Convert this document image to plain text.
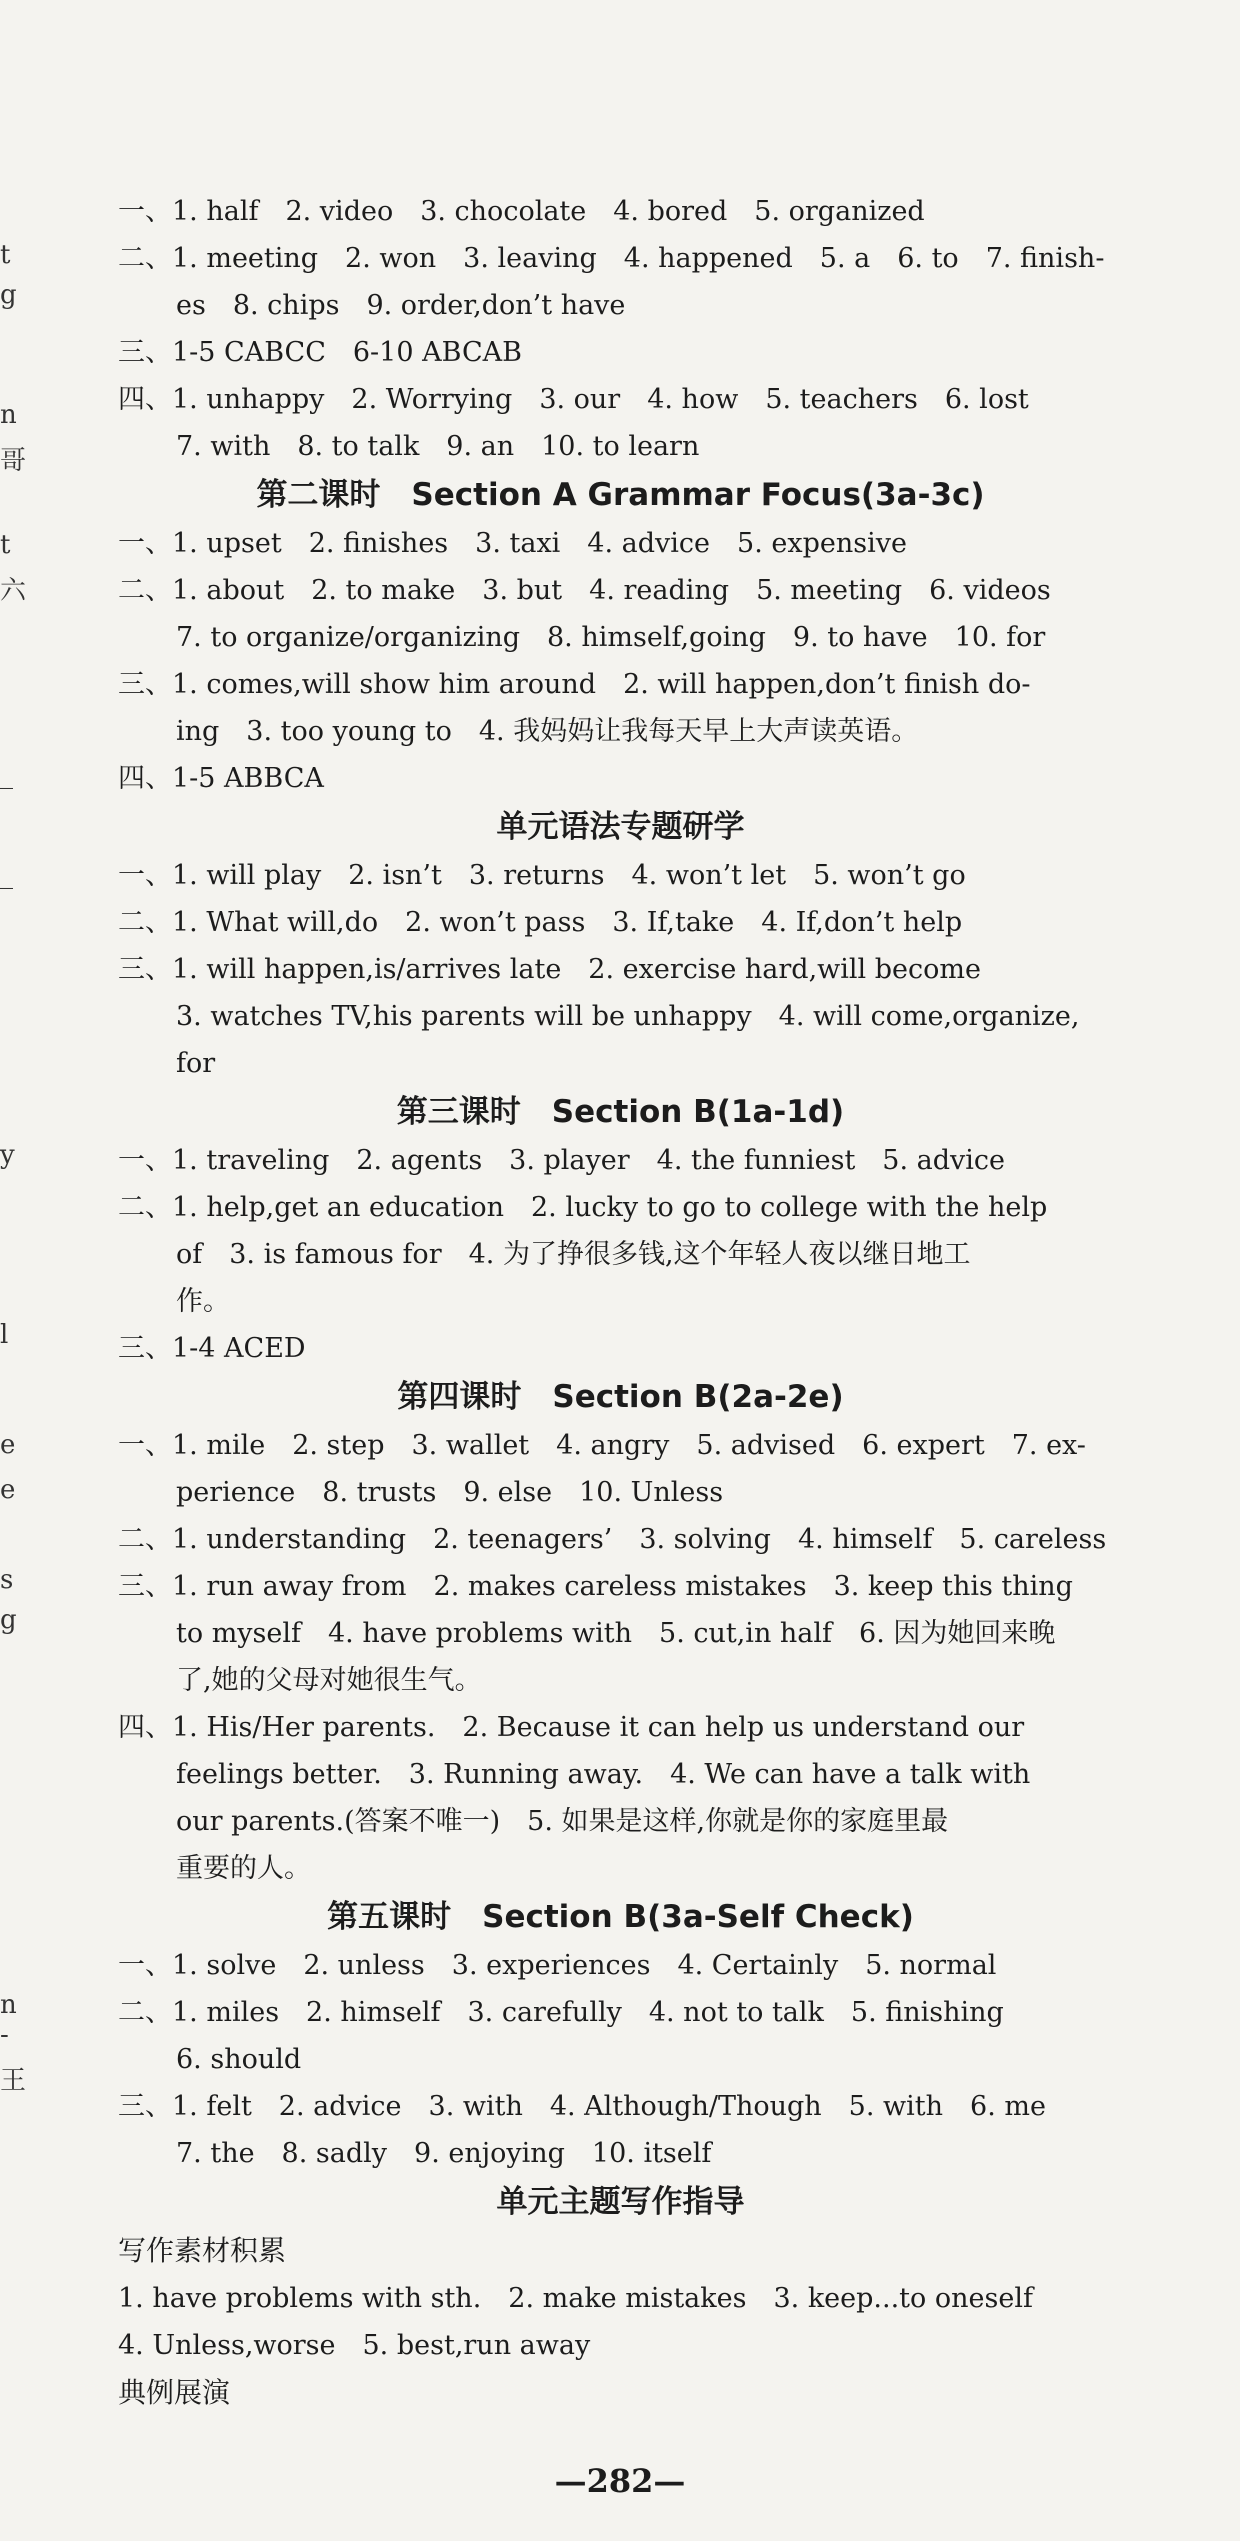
t
g
n
哥
t
六
_
_
y
l
e
e
s
g
n
-
王
一、1. half　2. video　3. chocolate　4. bored　5. organized
二、1. meeting　2. won　3. leaving　4. happened　5. a　6. to　7. finish-
es　8. chips　9. order,don’t have
三、1-5 CABCC　6-10 ABCAB
四、1. unhappy　2. Worrying　3. our　4. how　5. teachers　6. lost
7. with　8. to talk　9. an　10. to learn
第二课时　Section A Grammar Focus(3a-3c)
一、1. upset　2. finishes　3. taxi　4. advice　5. expensive
二、1. about　2. to make　3. but　4. reading　5. meeting　6. videos
7. to organize/organizing　8. himself,going　9. to have　10. for
三、1. comes,will show him around　2. will happen,don’t finish do-
ing　3. too young to　4. 我妈妈让我每天早上大声读英语。
四、1-5 ABBCA
单元语法专题研学
一、1. will play　2. isn’t　3. returns　4. won’t let　5. won’t go
二、1. What will,do　2. won’t pass　3. If,take　4. If,don’t help
三、1. will happen,is/arrives late　2. exercise hard,will become
3. watches TV,his parents will be unhappy　4. will come,organize,
for
第三课时　Section B(1a-1d)
一、1. traveling　2. agents　3. player　4. the funniest　5. advice
二、1. help,get an education　2. lucky to go to college with the help
of　3. is famous for　4. 为了挣很多钱,这个年轻人夜以继日地工
作。
三、1-4 ACED
第四课时　Section B(2a-2e)
一、1. mile　2. step　3. wallet　4. angry　5. advised　6. expert　7. ex-
perience　8. trusts　9. else　10. Unless
二、1. understanding　2. teenagers’　3. solving　4. himself　5. careless
三、1. run away from　2. makes careless mistakes　3. keep this thing
to myself　4. have problems with　5. cut,in half　6. 因为她回来晚
了,她的父母对她很生气。
四、1. His/Her parents.　2. Because it can help us understand our
feelings better.　3. Running away.　4. We can have a talk with
our parents.(答案不唯一)　5. 如果是这样,你就是你的家庭里最
重要的人。
第五课时　Section B(3a-Self Check)
一、1. solve　2. unless　3. experiences　4. Certainly　5. normal
二、1. miles　2. himself　3. carefully　4. not to talk　5. finishing
6. should
三、1. felt　2. advice　3. with　4. Although/Though　5. with　6. me
7. the　8. sadly　9. enjoying　10. itself
单元主题写作指导
写作素材积累
1. have problems with sth.　2. make mistakes　3. keep...to oneself
4. Unless,worse　5. best,run away
典例展演
—282—
